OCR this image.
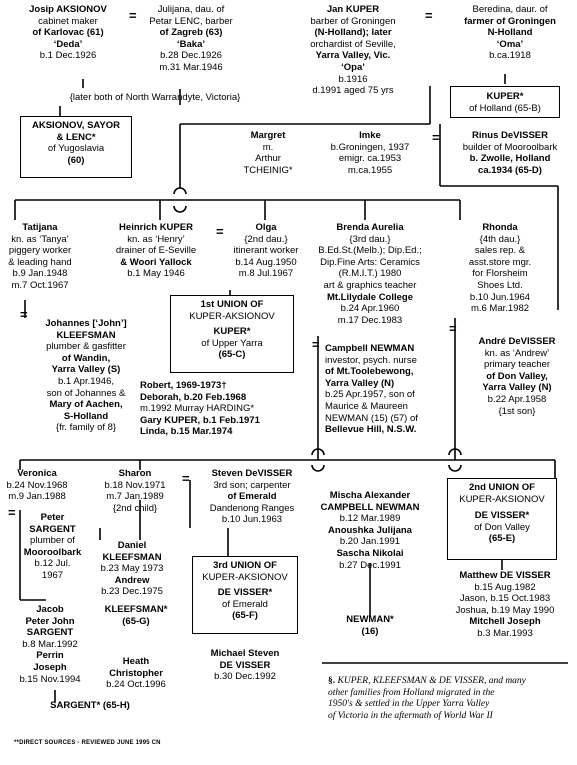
Josip AKSIONOV
cabinet maker
of Karlovac (61)
‘Deda’
b.1 Dec.1926
=	Julijana, dau. of
Petar LENC, barber
of Zagreb (63)
‘Baka’
b.28 Dec.1926
m.31 Mar.1946
Jan KUPER
barber of Groningen
(N-Holland); later
orchardist of Seville,
Yarra Valley, Vic.
‘Opa’
b.1916
d.1991 aged 75 yrs
=	Beredina, daur. of
farmer of Groningen
N-Holland
‘Oma’
b.ca.1918
{later both of North Warrandyte, Victoria}
AKSIONOV, SAYOR
& LENC*
of Yugoslavia
(60)
KUPER*
of Holland (65-B)
Margret
m.
Arthur
TCHEINIG*
Imke
b.Groningen, 1937
emigr. ca.1953
m.ca.1955
=	Rinus DeVISSER
builder of Mooroolbark
b. Zwolle, Holland
ca.1934 (65-D)
Tatijana
kn. as ‘Tanya’
piggery worker
& leading hand
b.9 Jan.1948
m.7 Oct.1967
Heinrich KUPER
kn. as ‘Henry’
drainer of E-Seville
& Woori Yallock
b.1 May 1946
=	Olga
{2nd dau.}
itinerant worker
b.14 Aug.1950
m.8 Jul.1967
Brenda Aurelia
{3rd dau.}
B.Ed.St.(Melb.); Dip.Ed.;
Dip.Fine Arts: Ceramics
(R.M.I.T.) 1980
art & graphics teacher
Mt.Lilydale College
b.24 Apr.1960
m.17 Dec.1983
Rhonda
{4th dau.}
sales rep. &
asst.store mgr.
for Florsheim
Shoes Ltd.
b.10 Jun.1964
m.6 Mar.1982
=
Johannes [‘John’]
KLEEFSMAN
plumber & gasfitter
of Wandin,
Yarra Valley (S)
b.1 Apr.1946,
son of Johannes &
Mary of Aachen,
S-Holland
{fr. family of 8}
1st UNION OF
KUPER-AKSIONOV
KUPER*
of Upper Yarra
(65-C)
Robert, 1969-1973†
Deborah, b.20 Feb.1968
m.1992 Murray HARDING*
Gary KUPER, b.1 Feb.1971
Linda, b.15 Mar.1974
= Campbell NEWMAN
investor, psych. nurse
of Mt.Toolebewong,
Yarra Valley (N)
b.25 Apr.1957, son of
Maurice & Maureen
NEWMAN (15) (57) of
Bellevue Hill, N.S.W.
=
André DeVISSER
kn. as ‘Andrew’
primary teacher
of Don Valley,
Yarra Valley (N)
b.22 Apr.1958
{1st son}
Veronica
b.24 Nov.1968
m.9 Jan.1988
=	Peter
SARGENT
plumber of
Mooroolbark
b.12 Jul.
1967
Sharon
b.18 Nov.1971
m.7 Jan.1989
{2nd child}
=	Steven DeVISSER
3rd son; carpenter
of Emerald
Dandenong Ranges
b.10 Jun.1963
Daniel
KLEEFSMAN
b.23 May 1973
Andrew
b.23 Dec.1975
KLEEFSMAN*
(65-G)
3rd UNION OF
KUPER-AKSIONOV
DE VISSER*
of Emerald
(65-F)
Mischa Alexander
CAMPBELL NEWMAN
b.12 Mar.1989
Anoushka Julijana
b.20 Jan.1991
Sascha Nikolai
b.27 Dec.1991
NEWMAN*
(16)
2nd UNION OF
KUPER-AKSIONOV
DE VISSER*
of Don Valley
(65-E)
Matthew DE VISSER
b.15 Aug.1982
Jason, b.15 Oct.1983
Joshua, b.19 May 1990
Mitchell Joseph
b.3 Mar.1993
Jacob
Peter John
SARGENT
b.8 Mar.1992
Perrin
Joseph
b.15 Nov.1994
SARGENT* (65-H)
Heath
Christopher
b.24 Oct.1996
Michael Steven
DE VISSER
b.30 Dec.1992	§. KUPER, KLEEFSMAN & DE VISSER, and many
other families from Holland migrated in the
1950's & settled in the Upper Yarra Valley
of Victoria in the aftermath of World War II
**DIRECT SOURCES - REVIEWED JUNE 1995 CN
